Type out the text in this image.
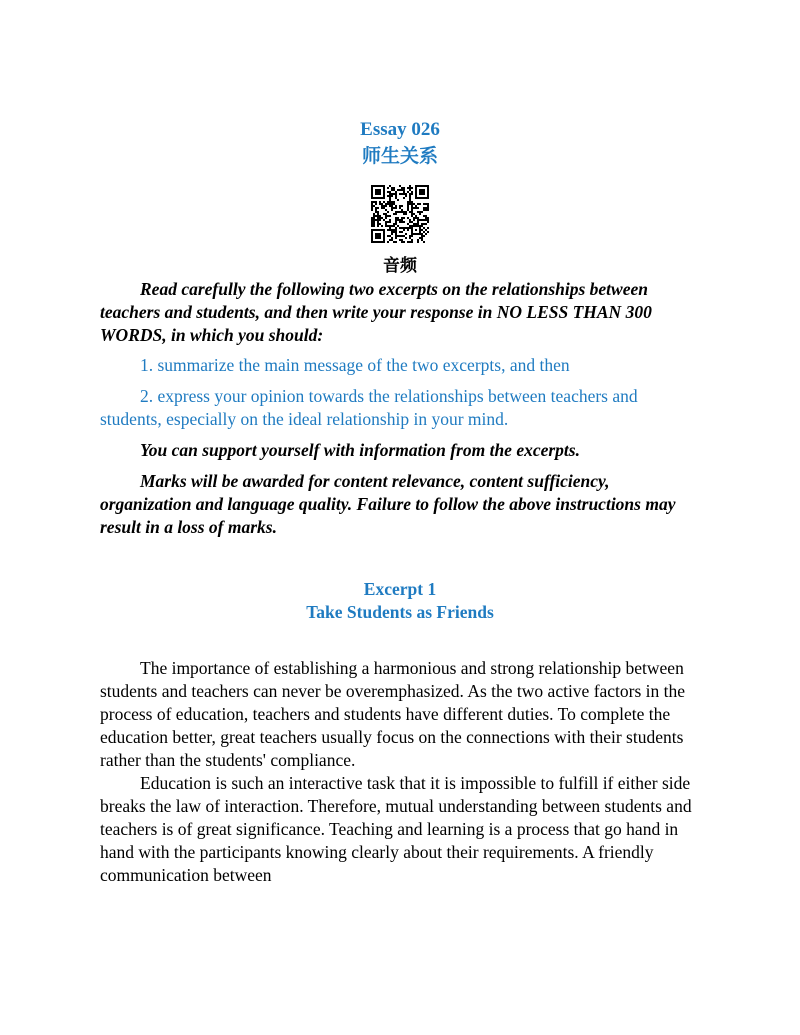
Essay 026

师生关系

音频

Read carefully the following two excerpts on the relationships between teachers and students, and then write your response in NO LESS THAN 300 WORDS, in which you should:

1. summarize the main message of the two excerpts, and then

2. express your opinion towards the relationships between teachers and students, especially on the ideal relationship in your mind.

You can support yourself with information from the excerpts.

Marks will be awarded for content relevance, content sufficiency, organization and language quality. Failure to follow the above instructions may result in a loss of marks.

Excerpt 1

Take Students as Friends

The importance of establishing a harmonious and strong relationship between students and teachers can never be overemphasized. As the two active factors in the process of education, teachers and students have different duties. To complete the education better, great teachers usually focus on the connections with their students rather than the students' compliance.

Education is such an interactive task that it is impossible to fulfill if either side breaks the law of interaction. Therefore, mutual understanding between students and teachers is of great significance. Teaching and learning is a process that go hand in hand with the participants knowing clearly about their requirements. A friendly communication between
